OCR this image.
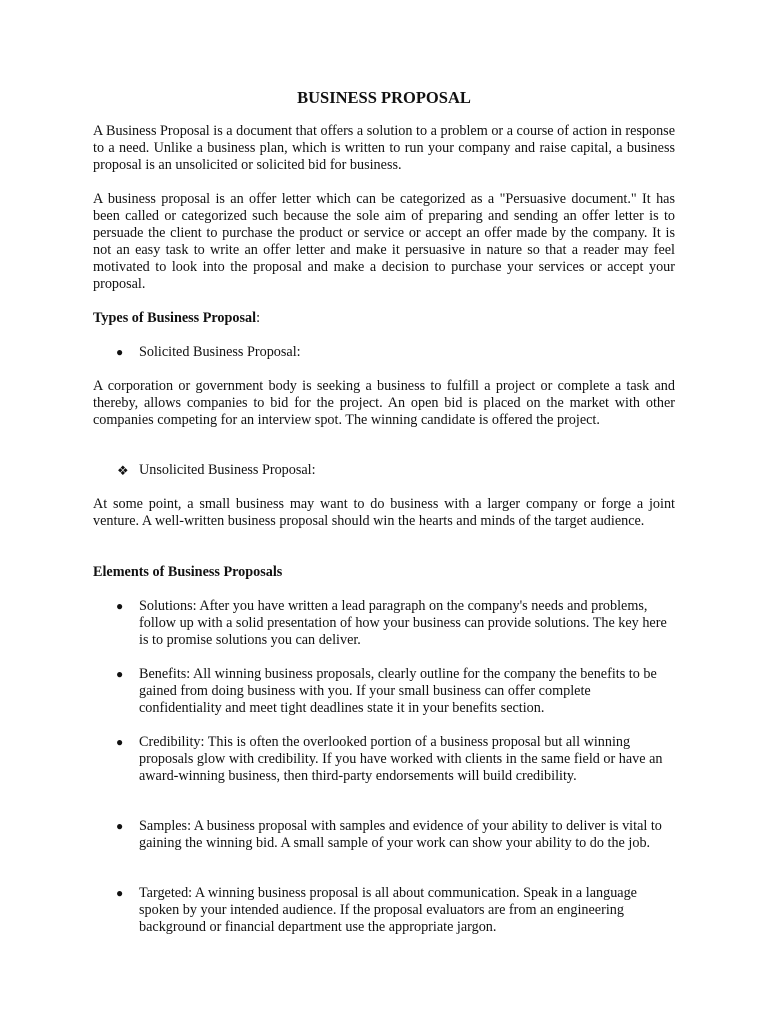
BUSINESS PROPOSAL

A Business Proposal is a document that offers a solution to a problem or a course of action in response to a need. Unlike a business plan, which is written to run your company and raise capital, a business proposal is an unsolicited or solicited bid for business.

A business proposal is an offer letter which can be categorized as a "Persuasive document." It has been called or categorized such because the sole aim of preparing and sending an offer letter is to persuade the client to purchase the product or service or accept an offer made by the company. It is not an easy task to write an offer letter and make it persuasive in nature so that a reader may feel motivated to look into the proposal and make a decision to purchase your services or accept your proposal.

Types of Business Proposal:

● Solicited Business Proposal:

A corporation or government body is seeking a business to fulfill a project or complete a task and thereby, allows companies to bid for the project. An open bid is placed on the market with other companies competing for an interview spot. The winning candidate is offered the project.

❖ Unsolicited Business Proposal:

At some point, a small business may want to do business with a larger company or forge a joint venture. A well-written business proposal should win the hearts and minds of the target audience.

Elements of Business Proposals

● Solutions: After you have written a lead paragraph on the company's needs and problems, follow up with a solid presentation of how your business can provide solutions. The key here is to promise solutions you can deliver.

● Benefits: All winning business proposals, clearly outline for the company the benefits to be gained from doing business with you. If your small business can offer complete confidentiality and meet tight deadlines state it in your benefits section.

● Credibility: This is often the overlooked portion of a business proposal but all winning proposals glow with credibility. If you have worked with clients in the same field or have an award-winning business, then third-party endorsements will build credibility.

● Samples: A business proposal with samples and evidence of your ability to deliver is vital to gaining the winning bid. A small sample of your work can show your ability to do the job.

● Targeted: A winning business proposal is all about communication. Speak in a language spoken by your intended audience. If the proposal evaluators are from an engineering background or financial department use the appropriate jargon.
